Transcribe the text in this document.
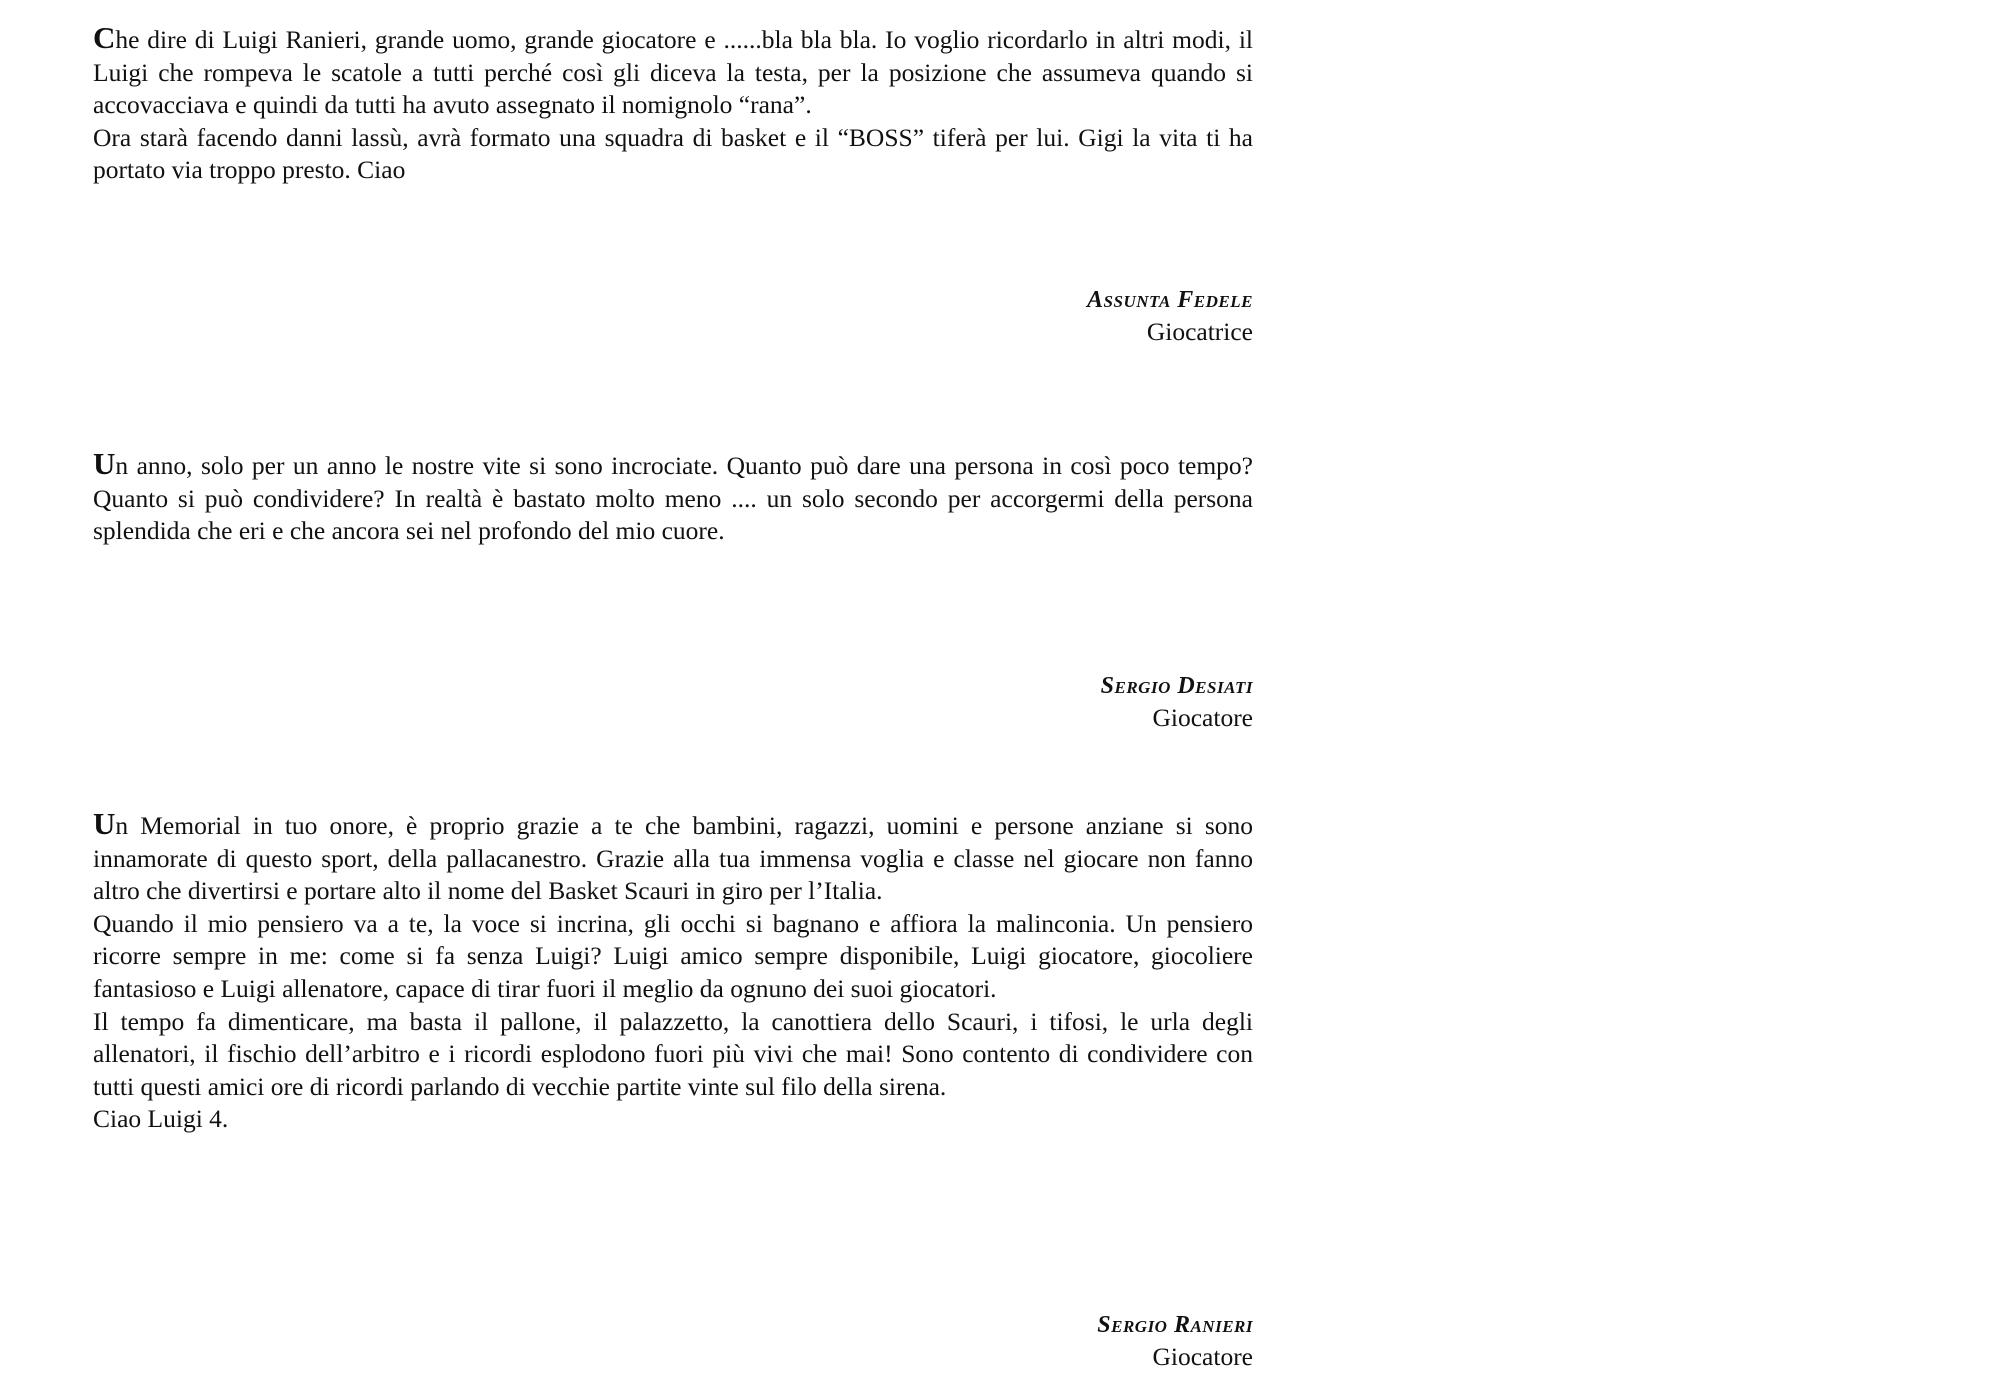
Che dire di Luigi Ranieri, grande uomo, grande giocatore e ......bla bla bla. Io voglio ricordarlo in altri modi, il Luigi che rompeva le scatole a tutti perché così gli diceva la testa, per la posizione che assumeva quando si accovacciava e quindi da tutti ha avuto assegnato il nomignolo “rana”.

Ora starà facendo danni lassù, avrà formato una squadra di basket e il “BOSS” tiferà per lui. Gigi la vita ti ha portato via troppo presto. Ciao

Assunta Fedele
Giocatrice

Un anno, solo per un anno le nostre vite si sono incrociate. Quanto può dare una persona in così poco tempo? Quanto si può condividere? In realtà è bastato molto meno .... un solo secondo per accorgermi della persona splendida che eri e che ancora sei nel profondo del mio cuore.

Sergio Desiati
Giocatore

Un Memorial in tuo onore, è proprio grazie a te che bambini, ragazzi, uomini e persone anziane si sono innamorate di questo sport, della pallacanestro. Grazie alla tua immensa voglia e classe nel giocare non fanno altro che divertirsi e portare alto il nome del Basket Scauri in giro per l’Italia.

Quando il mio pensiero va a te, la voce si incrina, gli occhi si bagnano e affiora la malinconia. Un pensiero ricorre sempre in me: come si fa senza Luigi? Luigi amico sempre disponibile, Luigi giocatore, giocoliere fantasioso e Luigi allenatore, capace di tirar fuori il meglio da ognuno dei suoi giocatori.

Il tempo fa dimenticare, ma basta il pallone, il palazzetto, la canottiera dello Scauri, i tifosi, le urla degli allenatori, il fischio dell’arbitro e i ricordi esplodono fuori più vivi che mai! Sono contento di condividere con tutti questi amici ore di ricordi parlando di vecchie partite vinte sul filo della sirena.

Ciao Luigi 4.

Sergio Ranieri
Giocatore
